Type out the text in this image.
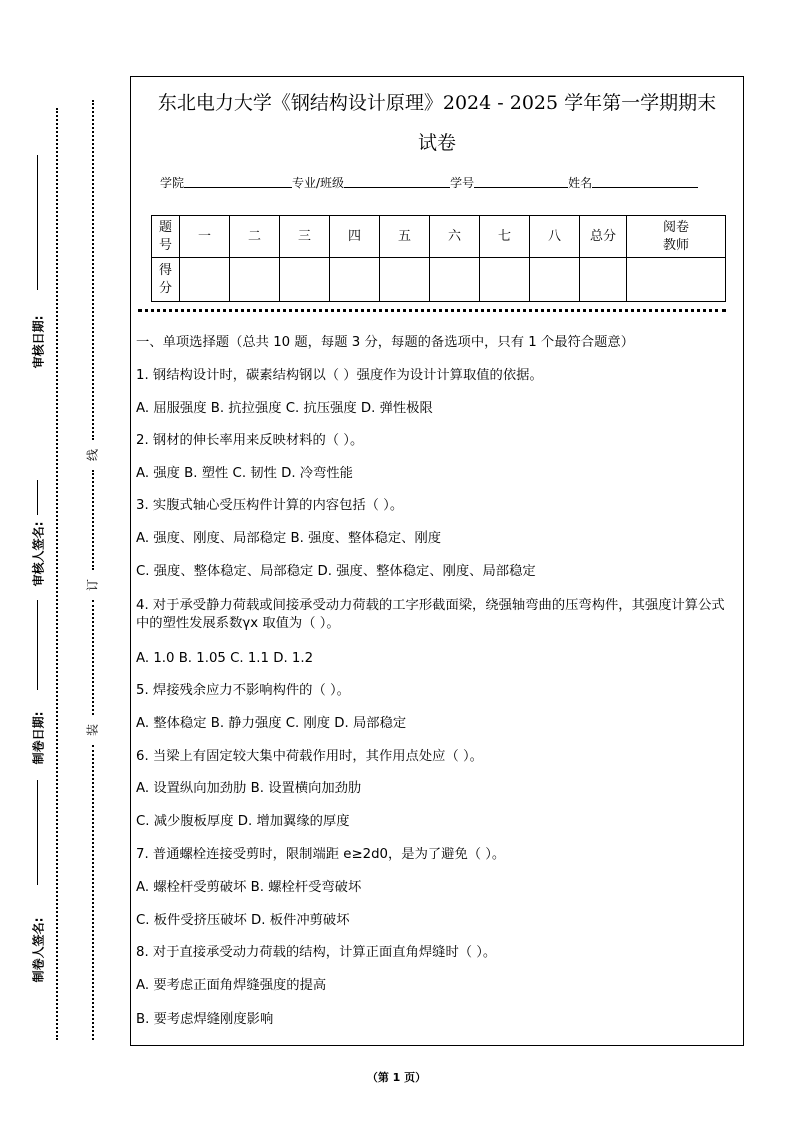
审核日期:
审核人签名:
制卷日期:
制卷人签名:
线
订
装
东北电力大学《钢结构设计原理》2024 - 2025 学年第一学期期末
试卷
学院	专业/班级	学号	姓名
题号	一	二	三	四	五	六	七	八	总分	阅卷教师
得分										
一、单项选择题（总共 10 题，每题 3 分，每题的备选项中，只有 1 个最符合题意）
1. 钢结构设计时，碳素结构钢以（ ）强度作为设计计算取值的依据。
A. 屈服强度 B. 抗拉强度 C. 抗压强度 D. 弹性极限
2. 钢材的伸长率用来反映材料的（ ）。
A. 强度 B. 塑性 C. 韧性 D. 冷弯性能
3. 实腹式轴心受压构件计算的内容包括（ ）。
A. 强度、刚度、局部稳定 B. 强度、整体稳定、刚度
C. 强度、整体稳定、局部稳定 D. 强度、整体稳定、刚度、局部稳定
4. 对于承受静力荷载或间接承受动力荷载的工字形截面梁，绕强轴弯曲的压弯构件，其强度计算公式中的塑性发展系数γx 取值为（ ）。
A. 1.0 B. 1.05 C. 1.1 D. 1.2
5. 焊接残余应力不影响构件的（ ）。
A. 整体稳定 B. 静力强度 C. 刚度 D. 局部稳定
6. 当梁上有固定较大集中荷载作用时，其作用点处应（ ）。
A. 设置纵向加劲肋 B. 设置横向加劲肋
C. 减少腹板厚度 D. 增加翼缘的厚度
7. 普通螺栓连接受剪时，限制端距 e≥2d0，是为了避免（ ）。
A. 螺栓杆受剪破坏 B. 螺栓杆受弯破坏
C. 板件受挤压破坏 D. 板件冲剪破坏
8. 对于直接承受动力荷载的结构，计算正面直角焊缝时（ ）。
A. 要考虑正面角焊缝强度的提高
B. 要考虑焊缝刚度影响
（第 1 页）
